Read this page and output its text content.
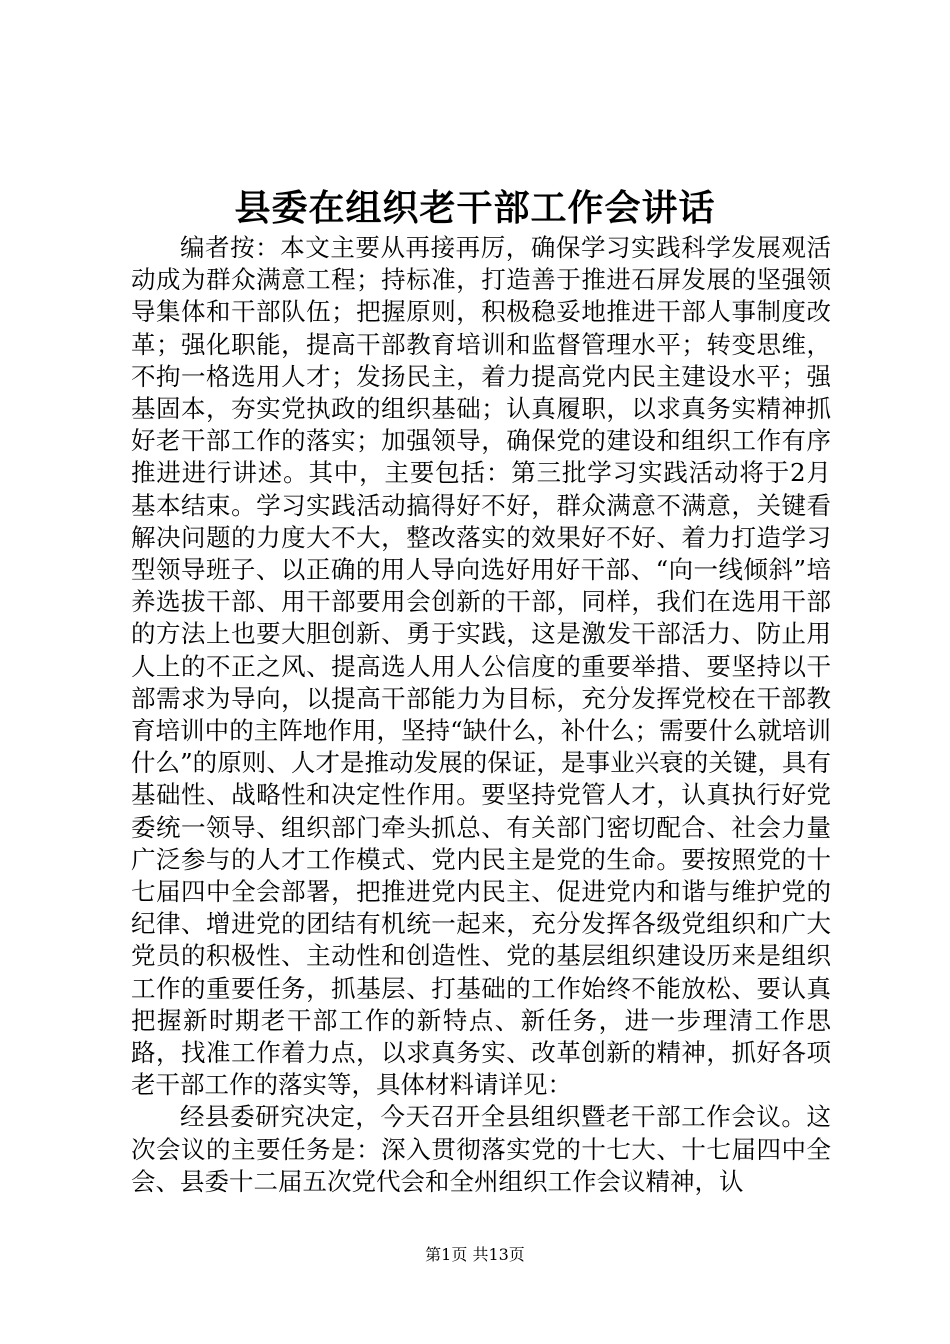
县委在组织老干部工作会讲话

编者按：本文主要从再接再厉，确保学习实践科学发展观活动成为群众满意工程；持标准，打造善于推进石屏发展的坚强领导集体和干部队伍；把握原则，积极稳妥地推进干部人事制度改革；强化职能，提高干部教育培训和监督管理水平；转变思维，不拘一格选用人才；发扬民主，着力提高党内民主建设水平；强基固本，夯实党执政的组织基础；认真履职，以求真务实精神抓好老干部工作的落实；加强领导，确保党的建设和组织工作有序推进进行讲述。其中，主要包括：第三批学习实践活动将于2月基本结束。学习实践活动搞得好不好，群众满意不满意，关键看解决问题的力度大不大，整改落实的效果好不好、着力打造学习型领导班子、以正确的用人导向选好用好干部、“向一线倾斜”培养选拔干部、用干部要用会创新的干部，同样，我们在选用干部的方法上也要大胆创新、勇于实践，这是激发干部活力、防止用人上的不正之风、提高选人用人公信度的重要举措、要坚持以干部需求为导向，以提高干部能力为目标，充分发挥党校在干部教育培训中的主阵地作用，坚持“缺什么，补什么；需要什么就培训什么”的原则、人才是推动发展的保证，是事业兴衰的关键，具有基础性、战略性和决定性作用。要坚持党管人才，认真执行好党委统一领导、组织部门牵头抓总、有关部门密切配合、社会力量广泛参与的人才工作模式、党内民主是党的生命。要按照党的十七届四中全会部署，把推进党内民主、促进党内和谐与维护党的纪律、增进党的团结有机统一起来，充分发挥各级党组织和广大党员的积极性、主动性和创造性、党的基层组织建设历来是组织工作的重要任务，抓基层、打基础的工作始终不能放松、要认真把握新时期老干部工作的新特点、新任务，进一步理清工作思路，找准工作着力点，以求真务实、改革创新的精神，抓好各项老干部工作的落实等，具体材料请详见：

经县委研究决定，今天召开全县组织暨老干部工作会议。这次会议的主要任务是：深入贯彻落实党的十七大、十七届四中全会、县委十二届五次党代会和全州组织工作会议精神，认

第1页 共13页
